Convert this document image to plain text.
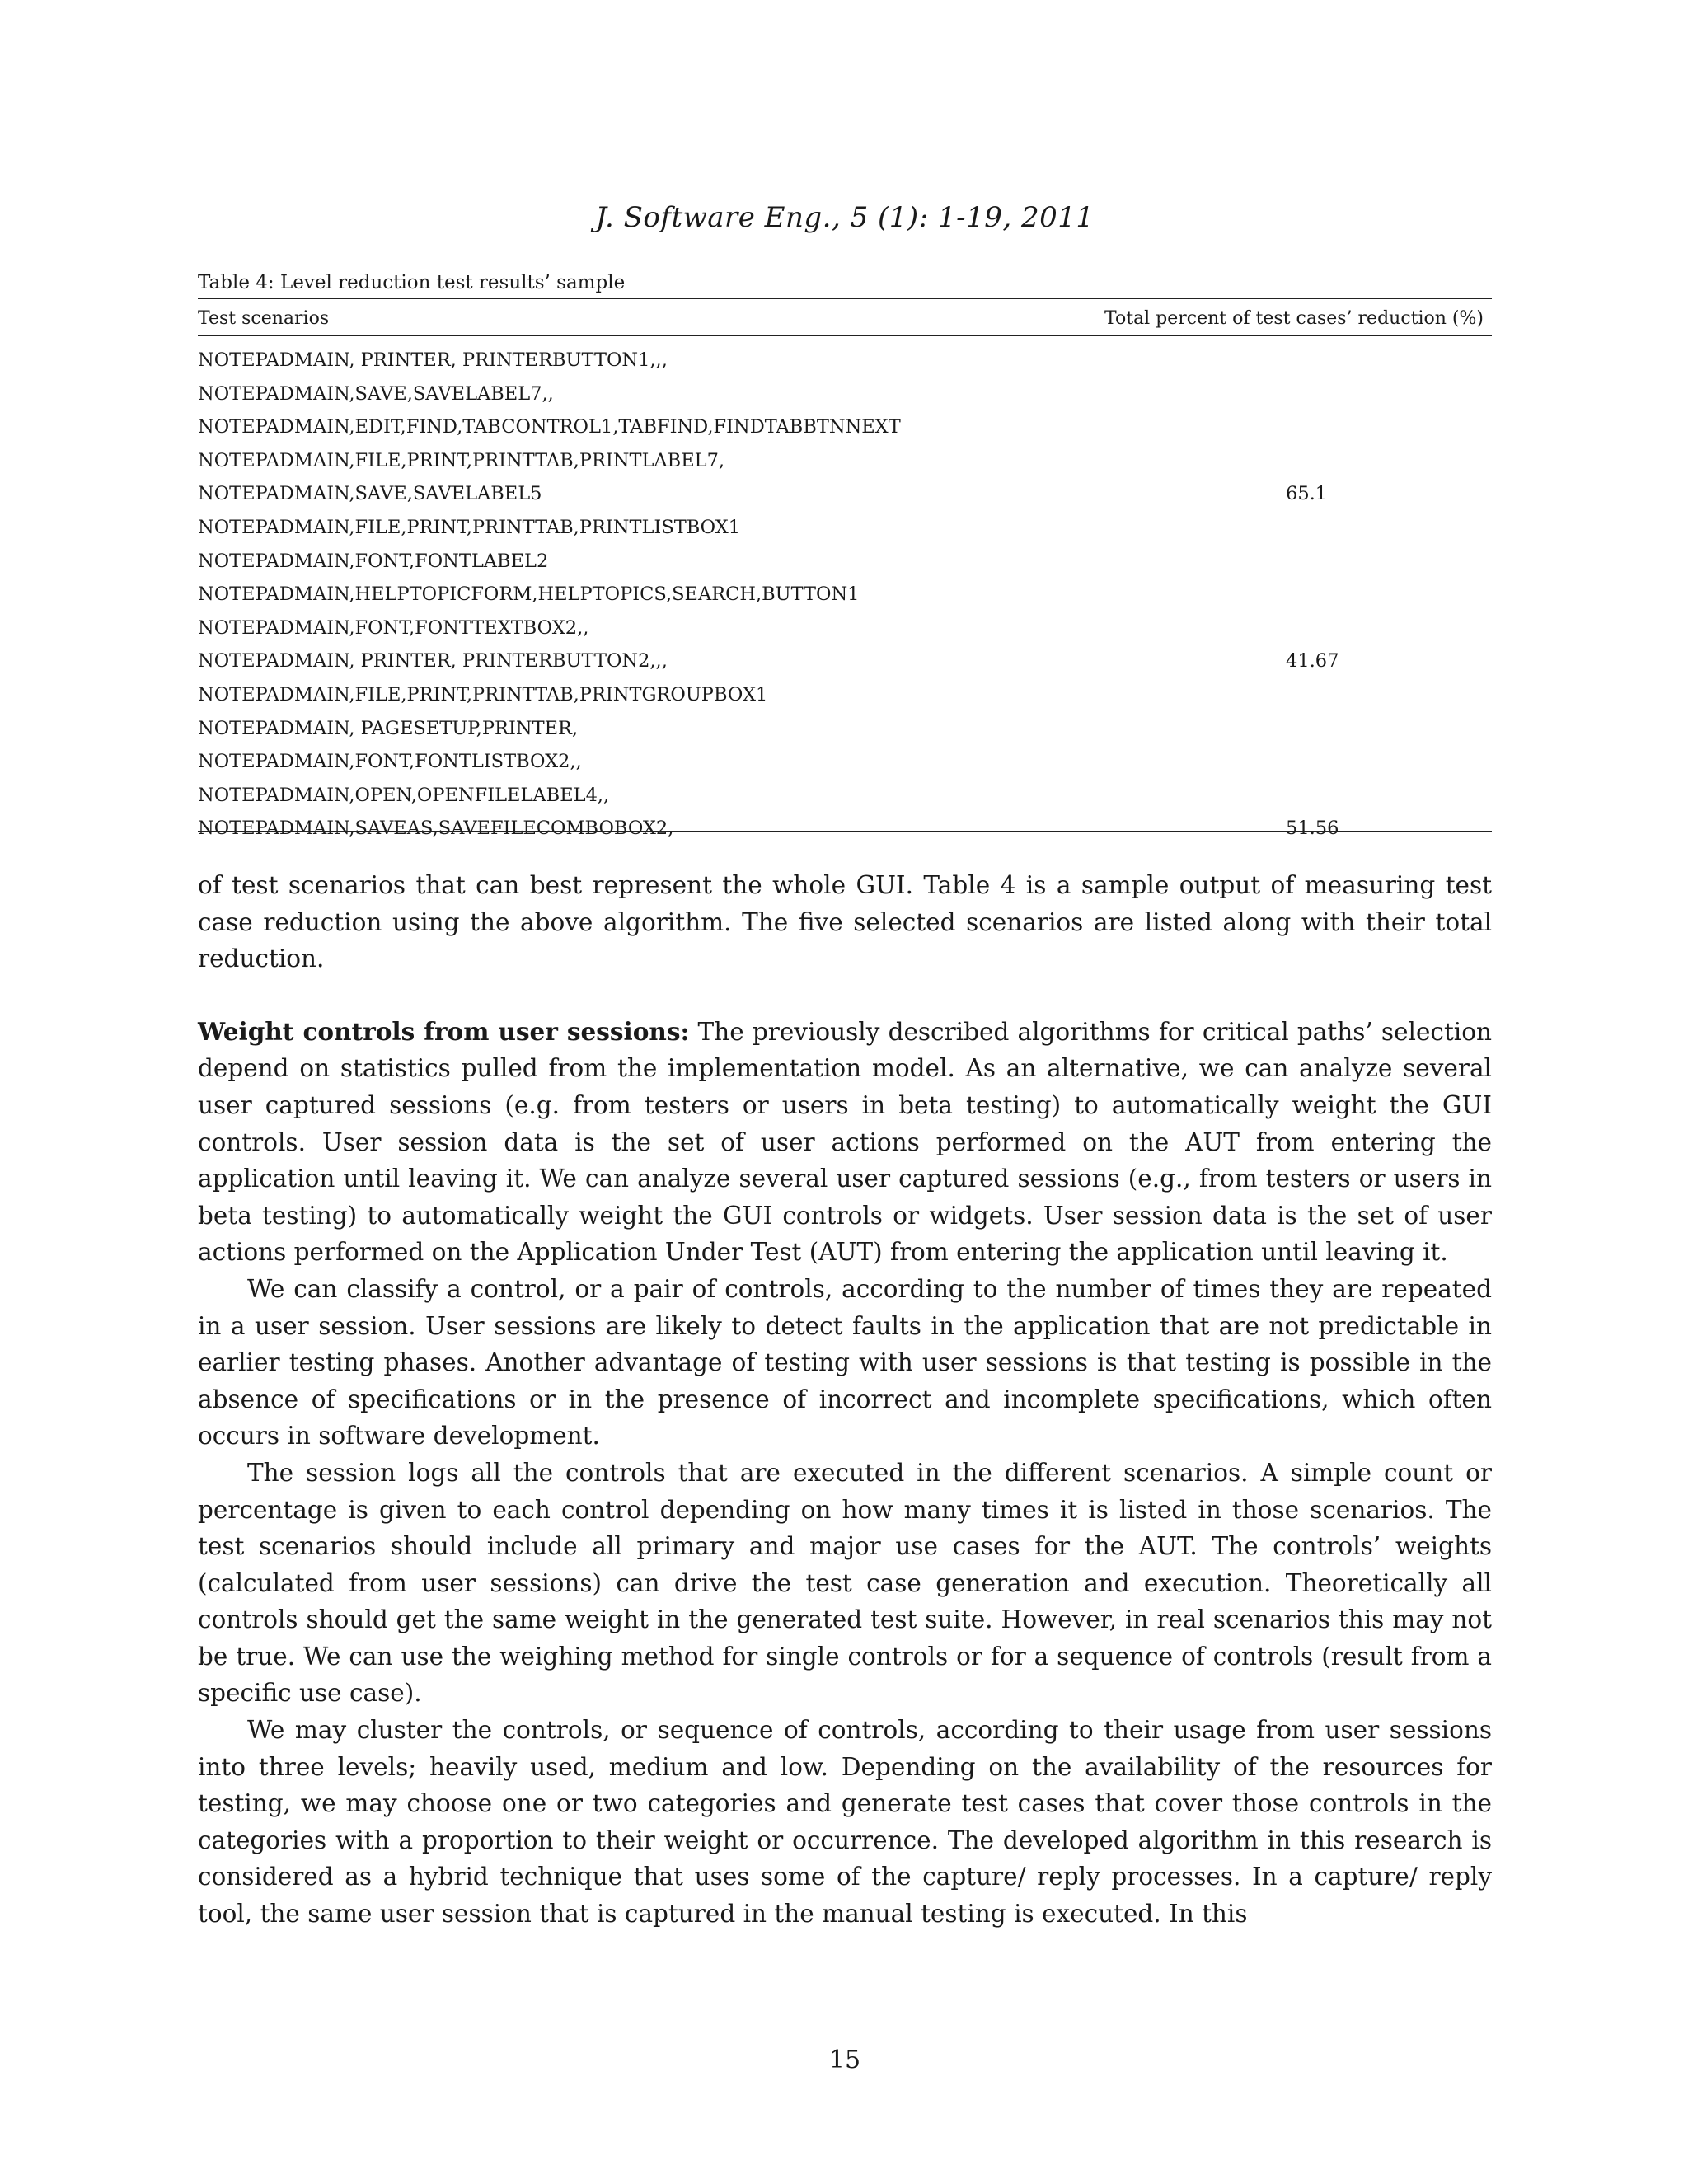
J. Software Eng., 5 (1): 1-19, 2011
Table 4: Level reduction test results’ sample
Test scenarios	Total percent of test cases’ reduction (%)
NOTEPADMAIN, PRINTER, PRINTERBUTTON1,,,
NOTEPADMAIN,SAVE,SAVELABEL7,,
NOTEPADMAIN,EDIT,FIND,TABCONTROL1,TABFIND,FINDTABBTNNEXT
NOTEPADMAIN,FILE,PRINT,PRINTTAB,PRINTLABEL7,
NOTEPADMAIN,SAVE,SAVELABEL5	65.1
NOTEPADMAIN,FILE,PRINT,PRINTTAB,PRINTLISTBOX1
NOTEPADMAIN,FONT,FONTLABEL2
NOTEPADMAIN,HELPTOPICFORM,HELPTOPICS,SEARCH,BUTTON1
NOTEPADMAIN,FONT,FONTTEXTBOX2,,
NOTEPADMAIN, PRINTER, PRINTERBUTTON2,,,	41.67
NOTEPADMAIN,FILE,PRINT,PRINTTAB,PRINTGROUPBOX1
NOTEPADMAIN, PAGESETUP,PRINTER,
NOTEPADMAIN,FONT,FONTLISTBOX2,,
NOTEPADMAIN,OPEN,OPENFILELABEL4,,
NOTEPADMAIN,SAVEAS,SAVEFILECOMBOBOX2,	51.56

of test scenarios that can best represent the whole GUI. Table 4 is a sample output of measuring test case reduction using the above algorithm. The five selected scenarios are listed along with their total reduction.

Weight controls from user sessions: The previously described algorithms for critical paths’ selection depend on statistics pulled from the implementation model. As an alternative, we can analyze several user captured sessions (e.g. from testers or users in beta testing) to automatically weight the GUI controls. User session data is the set of user actions performed on the AUT from entering the application until leaving it. We can analyze several user captured sessions (e.g., from testers or users in beta testing) to automatically weight the GUI controls or widgets. User session data is the set of user actions performed on the Application Under Test (AUT) from entering the application until leaving it.

We can classify a control, or a pair of controls, according to the number of times they are repeated in a user session. User sessions are likely to detect faults in the application that are not predictable in earlier testing phases. Another advantage of testing with user sessions is that testing is possible in the absence of specifications or in the presence of incorrect and incomplete specifications, which often occurs in software development.

The session logs all the controls that are executed in the different scenarios. A simple count or percentage is given to each control depending on how many times it is listed in those scenarios. The test scenarios should include all primary and major use cases for the AUT. The controls’ weights (calculated from user sessions) can drive the test case generation and execution. Theoretically all controls should get the same weight in the generated test suite. However, in real scenarios this may not be true. We can use the weighing method for single controls or for a sequence of controls (result from a specific use case).

We may cluster the controls, or sequence of controls, according to their usage from user sessions into three levels; heavily used, medium and low. Depending on the availability of the resources for testing, we may choose one or two categories and generate test cases that cover those controls in the categories with a proportion to their weight or occurrence. The developed algorithm in this research is considered as a hybrid technique that uses some of the capture/ reply processes. In a capture/ reply tool, the same user session that is captured in the manual testing is executed. In this

15
